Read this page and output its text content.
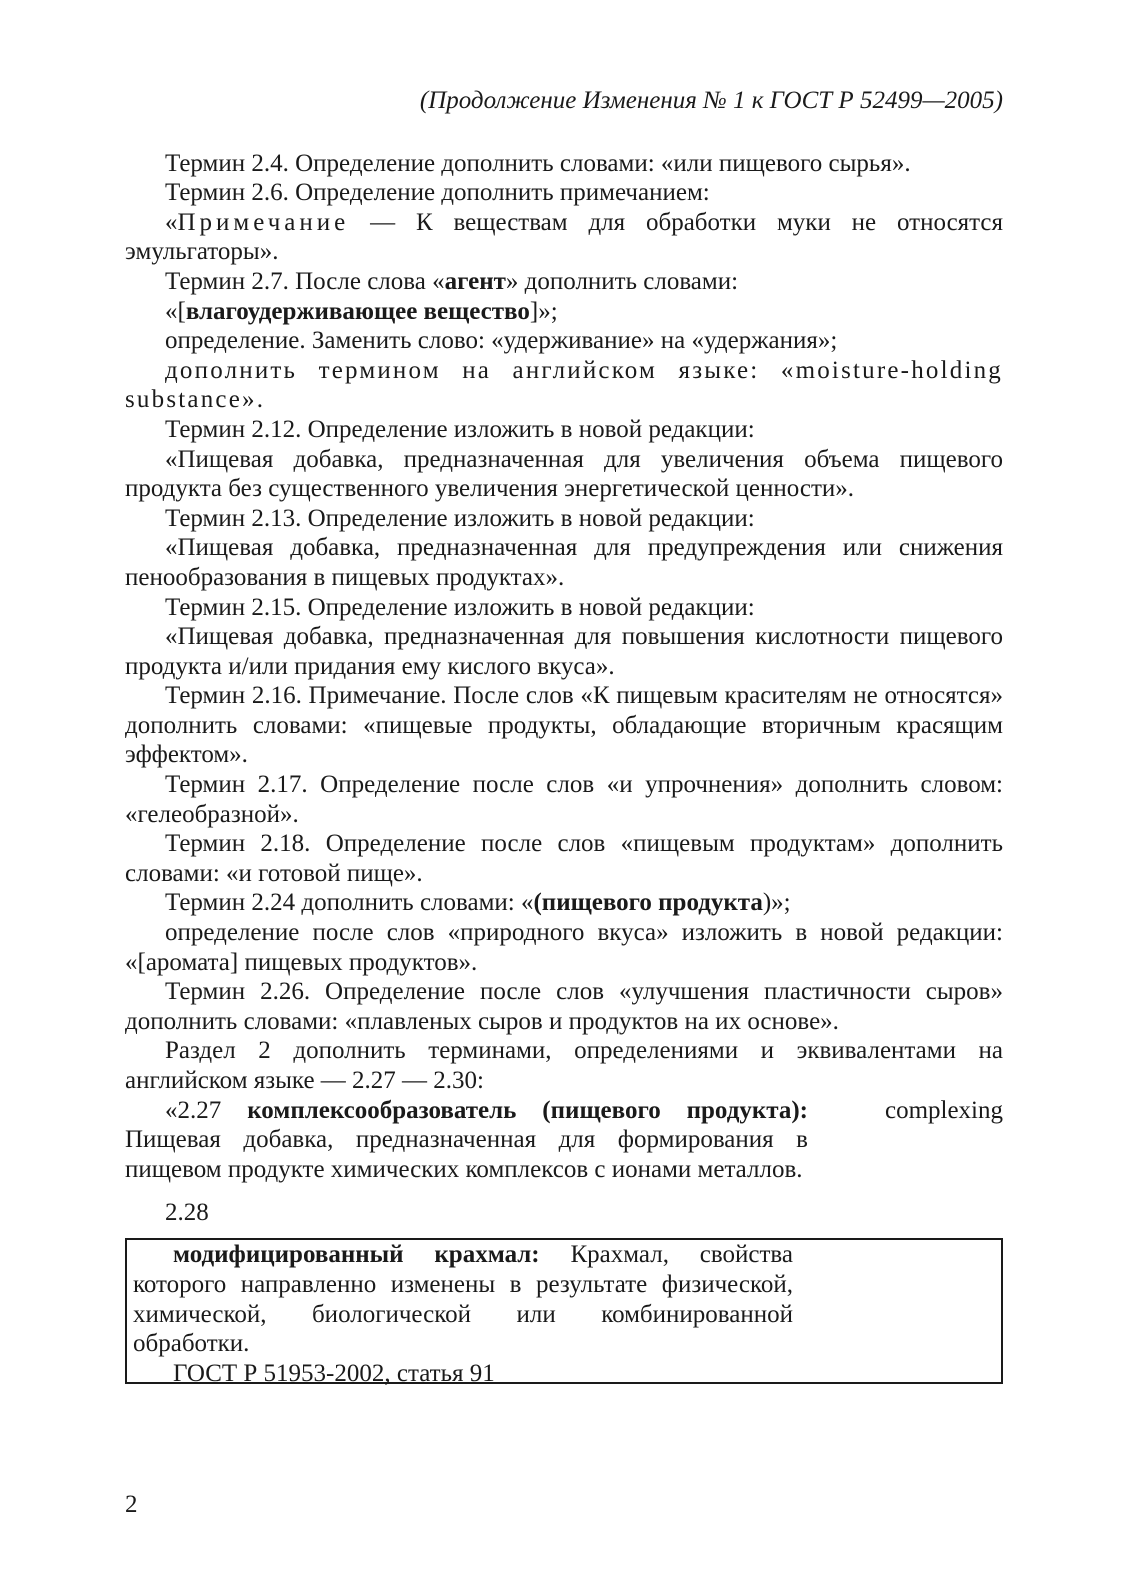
(Продолжение Изменения № 1 к ГОСТ Р 52499—2005)

Термин 2.4. Определение дополнить словами: «или пищевого сырья».

Термин 2.6. Определение дополнить примечанием:

«Примечание — К веществам для обработки муки не относятся эмульгаторы».

Термин 2.7. После слова «агент» дополнить словами:

«[влагоудерживающее вещество]»;

определение. Заменить слово: «удерживание» на «удержания»;

дополнить термином на английском языке: «moisture-holding substance».

Термин 2.12. Определение изложить в новой редакции:

«Пищевая добавка, предназначенная для увеличения объема пищевого продукта без существенного увеличения энергетической ценности».

Термин 2.13. Определение изложить в новой редакции:

«Пищевая добавка, предназначенная для предупреждения или снижения пенообразования в пищевых продуктах».

Термин 2.15. Определение изложить в новой редакции:

«Пищевая добавка, предназначенная для повышения кислотности пищевого продукта и/или придания ему кислого вкуса».

Термин 2.16. Примечание. После слов «К пищевым красителям не относятся» дополнить словами: «пищевые продукты, обладающие вторичным красящим эффектом».

Термин 2.17. Определение после слов «и упрочнения» дополнить словом: «гелеобразной».

Термин 2.18. Определение после слов «пищевым продуктам» дополнить словами: «и готовой пище».

Термин 2.24 дополнить словами: «(пищевого продукта)»;

определение после слов «природного вкуса» изложить в новой редакции: «[аромата] пищевых продуктов».

Термин 2.26. Определение после слов «улучшения пластичности сыров» дополнить словами: «плавленых сыров и продуктов на их основе».

Раздел 2 дополнить терминами, определениями и эквивалентами на английском языке — 2.27 — 2.30:

«2.27 комплексообразователь (пищевого продукта): Пищевая добавка, предназначенная для формирования в пищевом продукте химических комплексов с ионами металлов.

complexing
2.28

модифицированный крахмал: Крахмал, свойства которого направленно изменены в результате физической, химической, биологической или комбинированной обработки.

ГОСТ Р 51953-2002, статья 91

2
